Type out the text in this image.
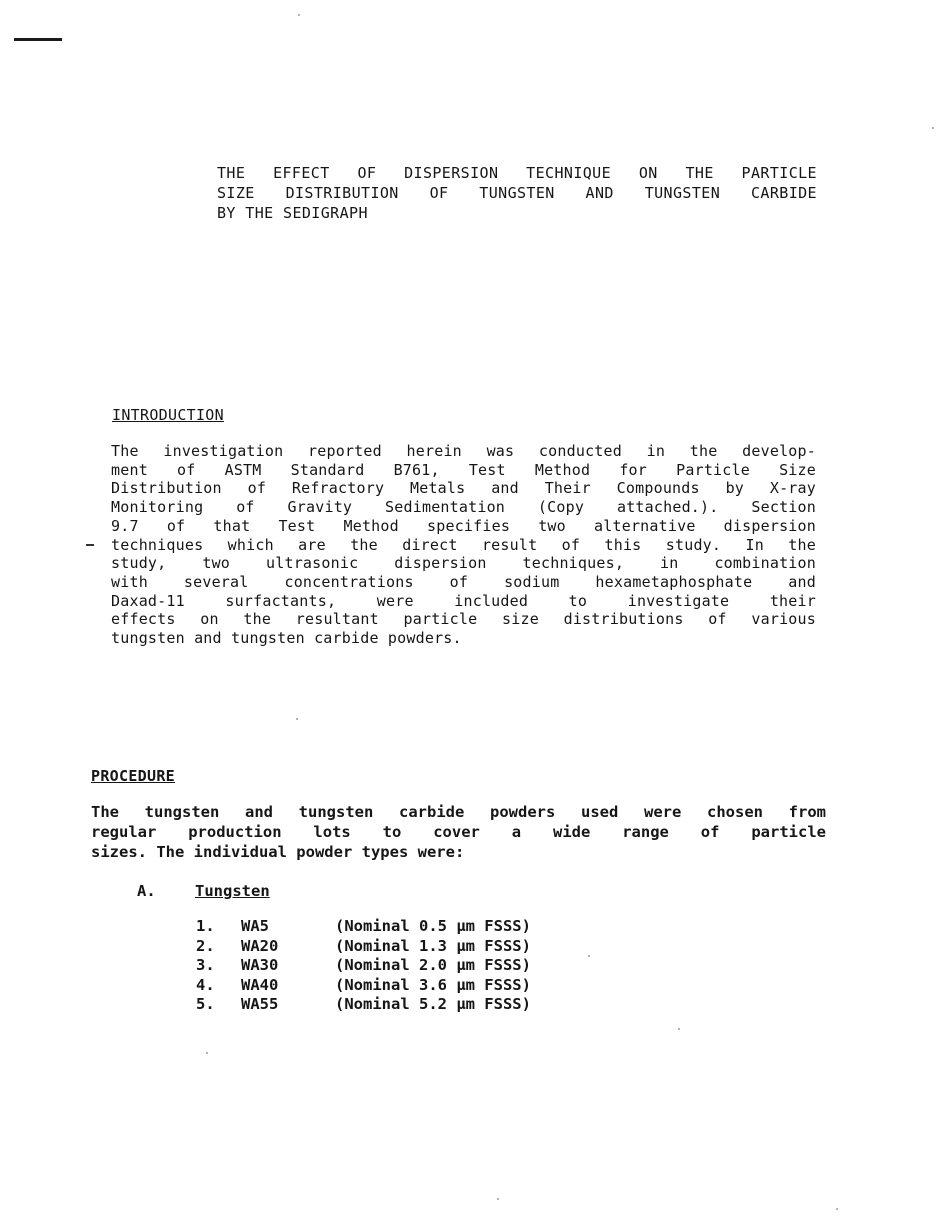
THE EFFECT OF DISPERSION TECHNIQUE ON THE PARTICLE
SIZE DISTRIBUTION OF TUNGSTEN AND TUNGSTEN CARBIDE
BY THE SEDIGRAPH
INTRODUCTION
The investigation reported herein was conducted in the develop-
ment of ASTM Standard B761, Test Method for Particle Size
Distribution of Refractory Metals and Their Compounds by X-ray
Monitoring of Gravity Sedimentation (Copy attached.). Section
9.7 of that Test Method specifies two alternative dispersion
techniques which are the direct result of this study. In the
study, two ultrasonic dispersion techniques, in combination
with several concentrations of sodium hexametaphosphate and
Daxad-11 surfactants, were included to investigate their
effects on the resultant particle size distributions of various
tungsten and tungsten carbide powders.
PROCEDURE
The tungsten and tungsten carbide powders used were chosen from
regular production lots to cover a wide range of particle
sizes. The individual powder types were:
A.	Tungsten
1. WA5	(Nominal 0.5 µm FSSS)
2. WA20	(Nominal 1.3 µm FSSS)
3. WA30	(Nominal 2.0 µm FSSS)
4. WA40	(Nominal 3.6 µm FSSS)
5. WA55	(Nominal 5.2 µm FSSS)
